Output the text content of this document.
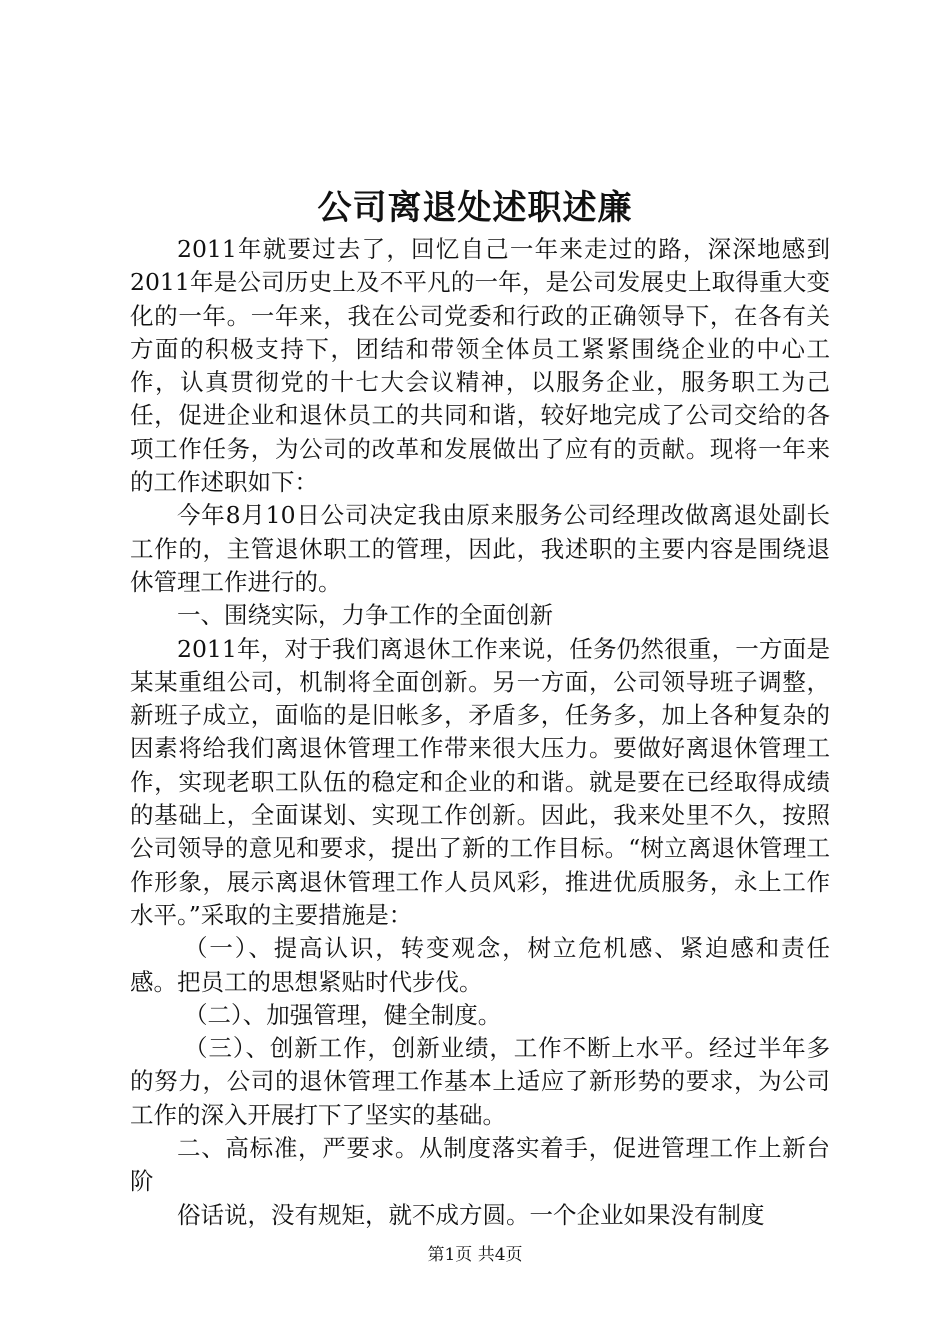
公司离退处述职述廉

2011年就要过去了，回忆自己一年来走过的路，深深地感到2011年是公司历史上及不平凡的一年，是公司发展史上取得重大变化的一年。一年来，我在公司党委和行政的正确领导下，在各有关方面的积极支持下，团结和带领全体员工紧紧围绕企业的中心工作，认真贯彻党的十七大会议精神，以服务企业，服务职工为己任，促进企业和退休员工的共同和谐，较好地完成了公司交给的各项工作任务，为公司的改革和发展做出了应有的贡献。现将一年来的工作述职如下：

今年8月10日公司决定我由原来服务公司经理改做离退处副长工作的，主管退休职工的管理，因此，我述职的主要内容是围绕退休管理工作进行的。

一、围绕实际，力争工作的全面创新

2011年，对于我们离退休工作来说，任务仍然很重，一方面是某某重组公司，机制将全面创新。另一方面，公司领导班子调整，新班子成立，面临的是旧帐多，矛盾多，任务多，加上各种复杂的因素将给我们离退休管理工作带来很大压力。要做好离退休管理工作，实现老职工队伍的稳定和企业的和谐。就是要在已经取得成绩的基础上，全面谋划、实现工作创新。因此，我来处里不久，按照公司领导的意见和要求，提出了新的工作目标。“树立离退休管理工作形象，展示离退休管理工作人员风彩，推进优质服务，永上工作水平。”采取的主要措施是：

（一）、提高认识，转变观念，树立危机感、紧迫感和责任感。把员工的思想紧贴时代步伐。

（二）、加强管理，健全制度。

（三）、创新工作，创新业绩，工作不断上水平。经过半年多的努力，公司的退休管理工作基本上适应了新形势的要求，为公司工作的深入开展打下了坚实的基础。

二、高标准，严要求。从制度落实着手，促进管理工作上新台阶

俗话说，没有规矩，就不成方圆。一个企业如果没有制度

第1页 共4页
